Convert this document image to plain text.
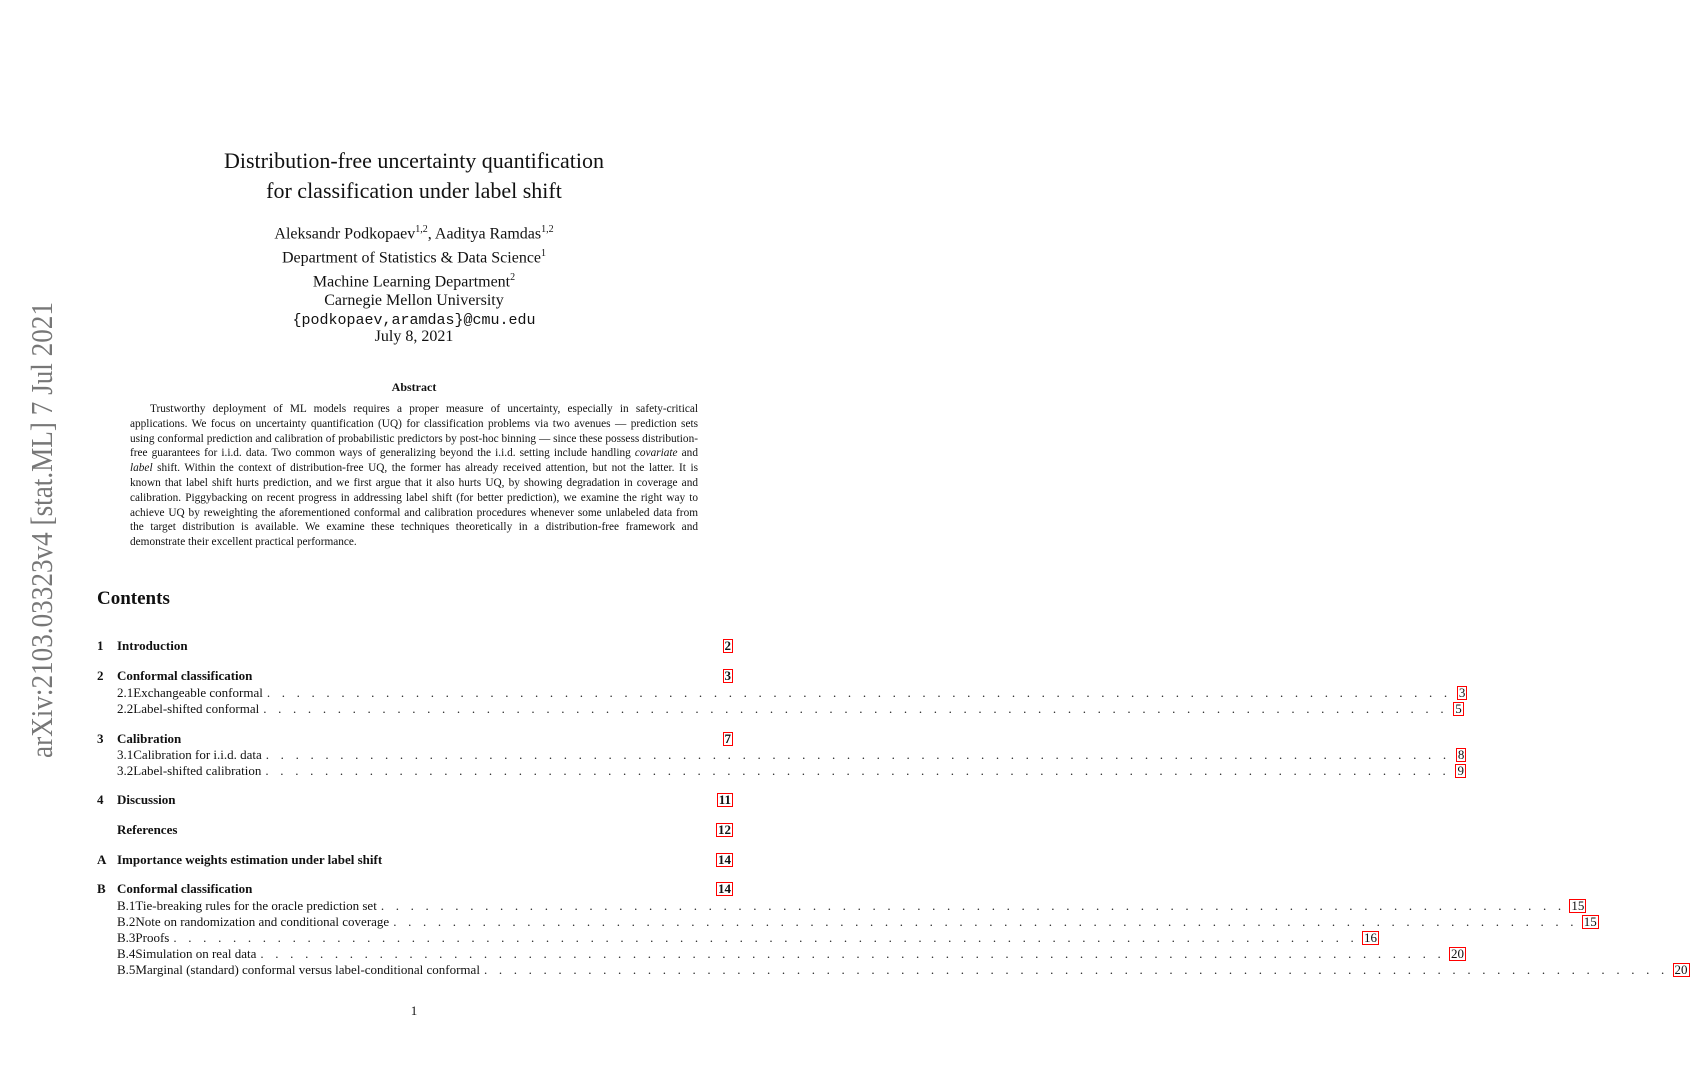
arXiv:2103.03323v4 [stat.ML] 7 Jul 2021
Distribution-free uncertainty quantification
for classification under label shift
Aleksandr Podkopaev$^{1,2}$, Aaditya Ramdas$^{1,2}$
Department of Statistics & Data Science$^1$
Machine Learning Department$^2$
Carnegie Mellon University
{podkopaev,aramdas}@cmu.edu
July 8, 2021
Abstract
Trustworthy deployment of ML models requires a proper measure of uncertainty, especially in safety-critical applications. We focus on uncertainty quantification (UQ) for classification problems via two avenues — prediction sets using conformal prediction and calibration of probabilistic predictors by post-hoc binning — since these possess distribution-free guarantees for i.i.d. data. Two common ways of generalizing beyond the i.i.d. setting include handling covariate and label shift. Within the context of distribution-free UQ, the former has already received attention, but not the latter. It is known that label shift hurts prediction, and we first argue that it also hurts UQ, by showing degradation in coverage and calibration. Piggybacking on recent progress in addressing label shift (for better prediction), we examine the right way to achieve UQ by reweighting the aforementioned conformal and calibration procedures whenever some unlabeled data from the target distribution is available. We examine these techniques theoretically in a distribution-free framework and demonstrate their excellent practical performance.
Contents
1	Introduction	2
2	Conformal classification	3
2.1 Exchangeable conformal . . . . . . . . . . . . . . . . . . . . . . . . . . . . . . . . . . . . . . . . . . . . . . . . . . . . . . . . . . . . . . . . . . . . . . . . . . . . . . . . 3
2.2 Label-shifted conformal . . . . . . . . . . . . . . . . . . . . . . . . . . . . . . . . . . . . . . . . . . . . . . . . . . . . . . . . . . . . . . . . . . . . . . . . . . . . . . . . 5
3	Calibration	7
3.1 Calibration for i.i.d. data . . . . . . . . . . . . . . . . . . . . . . . . . . . . . . . . . . . . . . . . . . . . . . . . . . . . . . . . . . . . . . . . . . . . . . . . . . . . . . . . 8
3.2 Label-shifted calibration . . . . . . . . . . . . . . . . . . . . . . . . . . . . . . . . . . . . . . . . . . . . . . . . . . . . . . . . . . . . . . . . . . . . . . . . . . . . . . . . 9
4	Discussion	11
References	12
A Importance weights estimation under label shift	14
B Conformal classification	14
B.1 Tie-breaking rules for the oracle prediction set . . . . . . . . . . . . . . . . . . . . . . . . . . . . . . . . . . . . . . . . . . . . . . . . . . . . . . . . . . . . . . . . . . . . . . . . . . . . . . . . 15
B.2 Note on randomization and conditional coverage . . . . . . . . . . . . . . . . . . . . . . . . . . . . . . . . . . . . . . . . . . . . . . . . . . . . . . . . . . . . . . . . . . . . . . . . . . . . . . . . 15
B.3 Proofs . . . . . . . . . . . . . . . . . . . . . . . . . . . . . . . . . . . . . . . . . . . . . . . . . . . . . . . . . . . . . . . . . . . . . . . . . . . . . . . . 16
B.4 Simulation on real data . . . . . . . . . . . . . . . . . . . . . . . . . . . . . . . . . . . . . . . . . . . . . . . . . . . . . . . . . . . . . . . . . . . . . . . . . . . . . . . . 20
B.5 Marginal (standard) conformal versus label-conditional conformal . . . . . . . . . . . . . . . . . . . . . . . . . . . . . . . . . . . . . . . . . . . . . . . . . . . . . . . . . . . . . . . . . . . . . . . . . . . . . . . . 20
1
